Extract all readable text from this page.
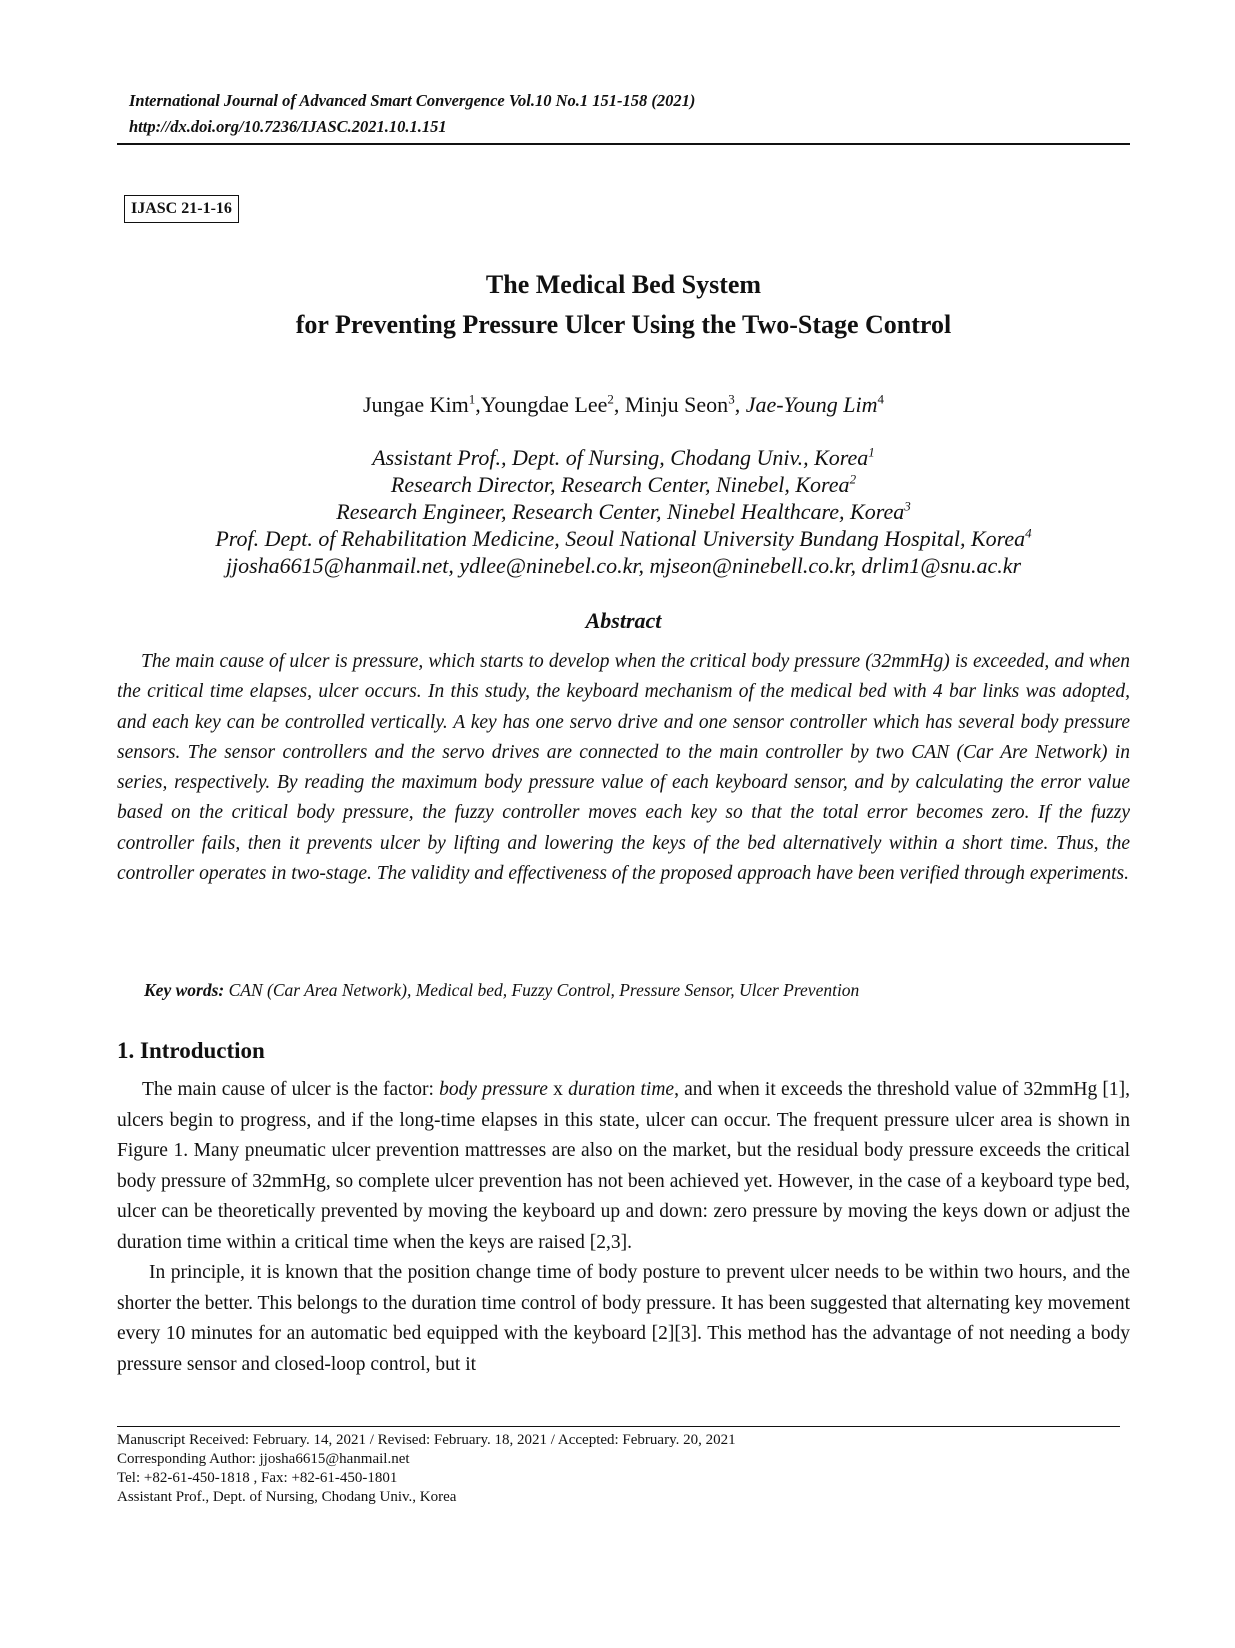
International Journal of Advanced Smart Convergence Vol.10 No.1 151-158 (2021)
http://dx.doi.org/10.7236/IJASC.2021.10.1.151
IJASC 21-1-16
The Medical Bed System
for Preventing Pressure Ulcer Using the Two-Stage Control
Jungae Kim$^1$,Youngdae Lee$^2$, Minju Seon$^3$, Jae-Young Lim$^4$
Assistant Prof., Dept. of Nursing, Chodang Univ., Korea$^1$
Research Director, Research Center, Ninebel, Korea$^2$
Research Engineer, Research Center, Ninebel Healthcare, Korea$^3$
Prof. Dept. of Rehabilitation Medicine, Seoul National University Bundang Hospital, Korea$^4$
jjosha6615@hanmail.net, ydlee@ninebel.co.kr, mjseon@ninebell.co.kr, drlim1@snu.ac.kr
Abstract
The main cause of ulcer is pressure, which starts to develop when the critical body pressure (32mmHg) is exceeded, and when the critical time elapses, ulcer occurs. In this study, the keyboard mechanism of the medical bed with 4 bar links was adopted, and each key can be controlled vertically. A key has one servo drive and one sensor controller which has several body pressure sensors. The sensor controllers and the servo drives are connected to the main controller by two CAN (Car Are Network) in series, respectively. By reading the maximum body pressure value of each keyboard sensor, and by calculating the error value based on the critical body pressure, the fuzzy controller moves each key so that the total error becomes zero. If the fuzzy controller fails, then it prevents ulcer by lifting and lowering the keys of the bed alternatively within a short time. Thus, the controller operates in two-stage. The validity and effectiveness of the proposed approach have been verified through experiments.
Key words: CAN (Car Area Network), Medical bed, Fuzzy Control, Pressure Sensor, Ulcer Prevention
1. Introduction

The main cause of ulcer is the factor: body pressure x duration time, and when it exceeds the threshold value of 32mmHg [1], ulcers begin to progress, and if the long-time elapses in this state, ulcer can occur. The frequent pressure ulcer area is shown in Figure 1. Many pneumatic ulcer prevention mattresses are also on the market, but the residual body pressure exceeds the critical body pressure of 32mmHg, so complete ulcer prevention has not been achieved yet. However, in the case of a keyboard type bed, ulcer can be theoretically prevented by moving the keyboard up and down: zero pressure by moving the keys down or adjust the duration time within a critical time when the keys are raised [2,3].

In principle, it is known that the position change time of body posture to prevent ulcer needs to be within two hours, and the shorter the better. This belongs to the duration time control of body pressure. It has been suggested that alternating key movement every 10 minutes for an automatic bed equipped with the keyboard [2][3]. This method has the advantage of not needing a body pressure sensor and closed-loop control, but it

Manuscript Received: February. 14, 2021 / Revised: February. 18, 2021 / Accepted: February. 20, 2021
Corresponding Author: jjosha6615@hanmail.net
Tel: +82-61-450-1818 , Fax: +82-61-450-1801
Assistant Prof., Dept. of Nursing, Chodang Univ., Korea
